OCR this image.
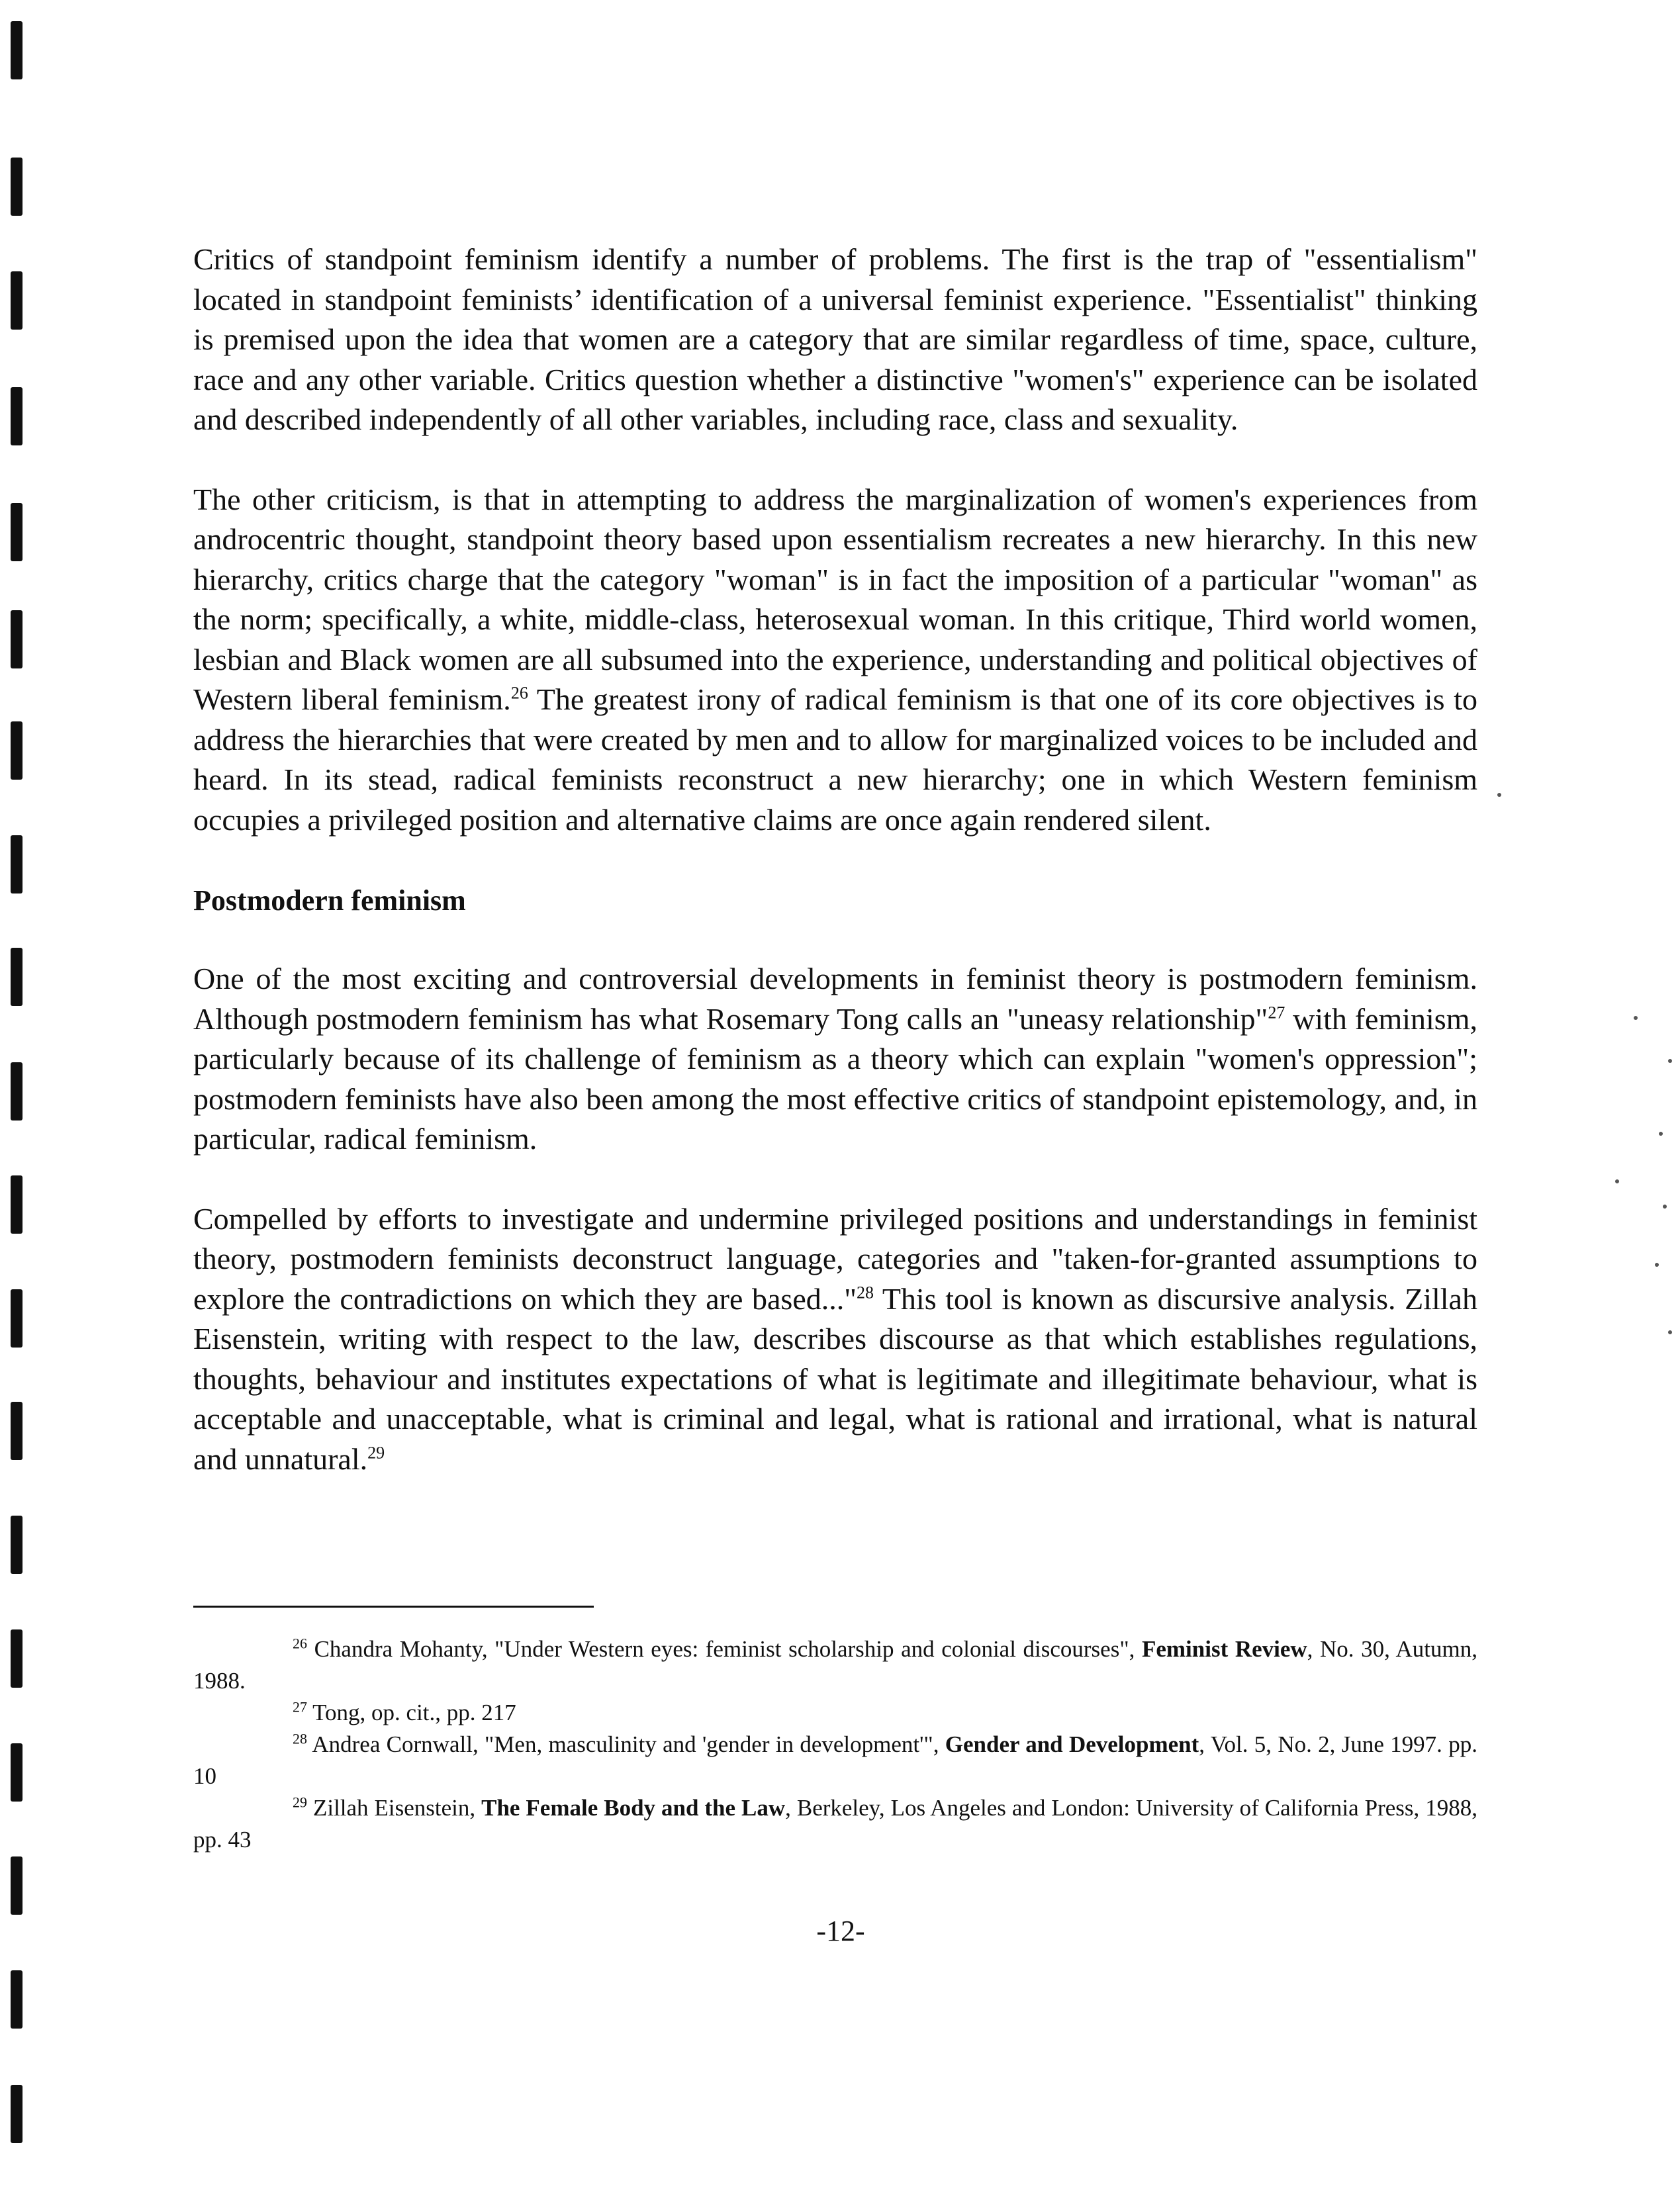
Critics of standpoint feminism identify a number of problems. The first is the trap of "essentialism" located in standpoint feminists’ identification of a universal feminist experience. "Essentialist" thinking is premised upon the idea that women are a category that are similar regardless of time, space, culture, race and any other variable. Critics question whether a distinctive "women's" experience can be isolated and described independently of all other variables, including race, class and sexuality.

The other criticism, is that in attempting to address the marginalization of women's experiences from androcentric thought, standpoint theory based upon essentialism recreates a new hierarchy. In this new hierarchy, critics charge that the category "woman" is in fact the imposition of a particular "woman" as the norm; specifically, a white, middle-class, heterosexual woman. In this critique, Third world women, lesbian and Black women are all subsumed into the experience, understanding and political objectives of Western liberal feminism.$^{26}$ The greatest irony of radical feminism is that one of its core objectives is to address the hierarchies that were created by men and to allow for marginalized voices to be included and heard. In its stead, radical feminists reconstruct a new hierarchy; one in which Western feminism occupies a privileged position and alternative claims are once again rendered silent.

Postmodern feminism

One of the most exciting and controversial developments in feminist theory is postmodern feminism. Although postmodern feminism has what Rosemary Tong calls an "uneasy relationship"$^{27}$ with feminism, particularly because of its challenge of feminism as a theory which can explain "women's oppression"; postmodern feminists have also been among the most effective critics of standpoint epistemology, and, in particular, radical feminism.

Compelled by efforts to investigate and undermine privileged positions and understandings in feminist theory, postmodern feminists deconstruct language, categories and "taken-for-granted assumptions to explore the contradictions on which they are based..."$^{28}$ This tool is known as discursive analysis. Zillah Eisenstein, writing with respect to the law, describes discourse as that which establishes regulations, thoughts, behaviour and institutes expectations of what is legitimate and illegitimate behaviour, what is acceptable and unacceptable, what is criminal and legal, what is rational and irrational, what is natural and unnatural.$^{29}$

$^{26}$ Chandra Mohanty, "Under Western eyes: feminist scholarship and colonial discourses", Feminist Review, No. 30, Autumn, 1988.

$^{27}$ Tong, op. cit., pp. 217

$^{28}$ Andrea Cornwall, "Men, masculinity and 'gender in development'", Gender and Development, Vol. 5, No. 2, June 1997. pp. 10

$^{29}$ Zillah Eisenstein, The Female Body and the Law, Berkeley, Los Angeles and London: University of California Press, 1988, pp. 43

-12-
